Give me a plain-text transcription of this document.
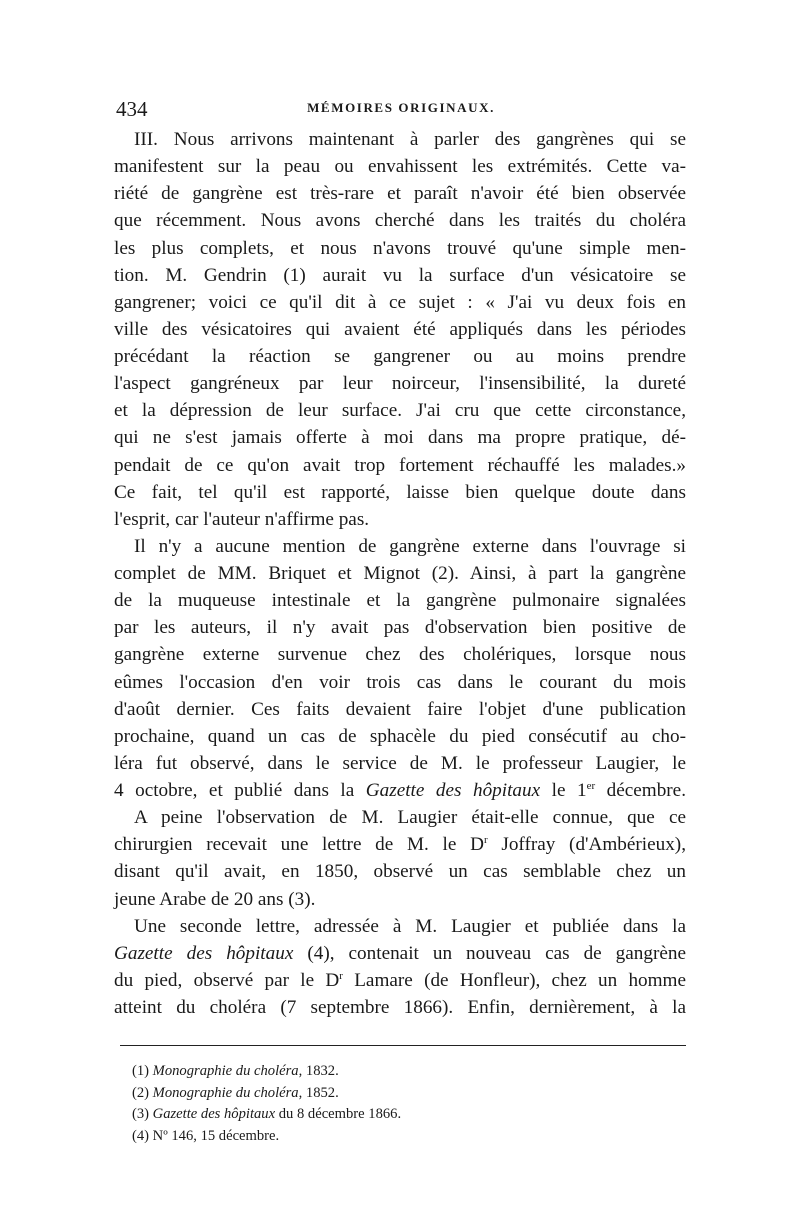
434	MÉMOIRES ORIGINAUX.
III. Nous arrivons maintenant à parler des gangrènes qui se
manifestent sur la peau ou envahissent les extrémités. Cette va-
riété de gangrène est très-rare et paraît n'avoir été bien observée
que récemment. Nous avons cherché dans les traités du choléra
les plus complets, et nous n'avons trouvé qu'une simple men-
tion. M. Gendrin (1) aurait vu la surface d'un vésicatoire se
gangrener; voici ce qu'il dit à ce sujet : « J'ai vu deux fois en
ville des vésicatoires qui avaient été appliqués dans les périodes
précédant la réaction se gangrener ou au moins prendre
l'aspect gangréneux par leur noirceur, l'insensibilité, la dureté
et la dépression de leur surface. J'ai cru que cette circonstance,
qui ne s'est jamais offerte à moi dans ma propre pratique, dé-
pendait de ce qu'on avait trop fortement réchauffé les malades.»
Ce fait, tel qu'il est rapporté, laisse bien quelque doute dans
l'esprit, car l'auteur n'affirme pas.
Il n'y a aucune mention de gangrène externe dans l'ouvrage si
complet de MM. Briquet et Mignot (2). Ainsi, à part la gangrène
de la muqueuse intestinale et la gangrène pulmonaire signalées
par les auteurs, il n'y avait pas d'observation bien positive de
gangrène externe survenue chez des cholériques, lorsque nous
eûmes l'occasion d'en voir trois cas dans le courant du mois
d'août dernier. Ces faits devaient faire l'objet d'une publication
prochaine, quand un cas de sphacèle du pied consécutif au cho-
léra fut observé, dans le service de M. le professeur Laugier, le
4 octobre, et publié dans la Gazette des hôpitaux le 1er décembre.
A peine l'observation de M. Laugier était-elle connue, que ce
chirurgien recevait une lettre de M. le $D^r$ Joffray (d'Ambérieux),
disant qu'il avait, en 1850, observé un cas semblable chez un
jeune Arabe de 20 ans (3).
Une seconde lettre, adressée à M. Laugier et publiée dans la
Gazette des hôpitaux (4), contenait un nouveau cas de gangrène
du pied, observé par le $D^r$ Lamare (de Honfleur), chez un homme
atteint du choléra (7 septembre 1866). Enfin, dernièrement, à la
(1) Monographie du choléra, 1832.
(2) Monographie du choléra, 1852.
(3) Gazette des hôpitaux du 8 décembre 1866.
(4) Nº 146, 15 décembre.
